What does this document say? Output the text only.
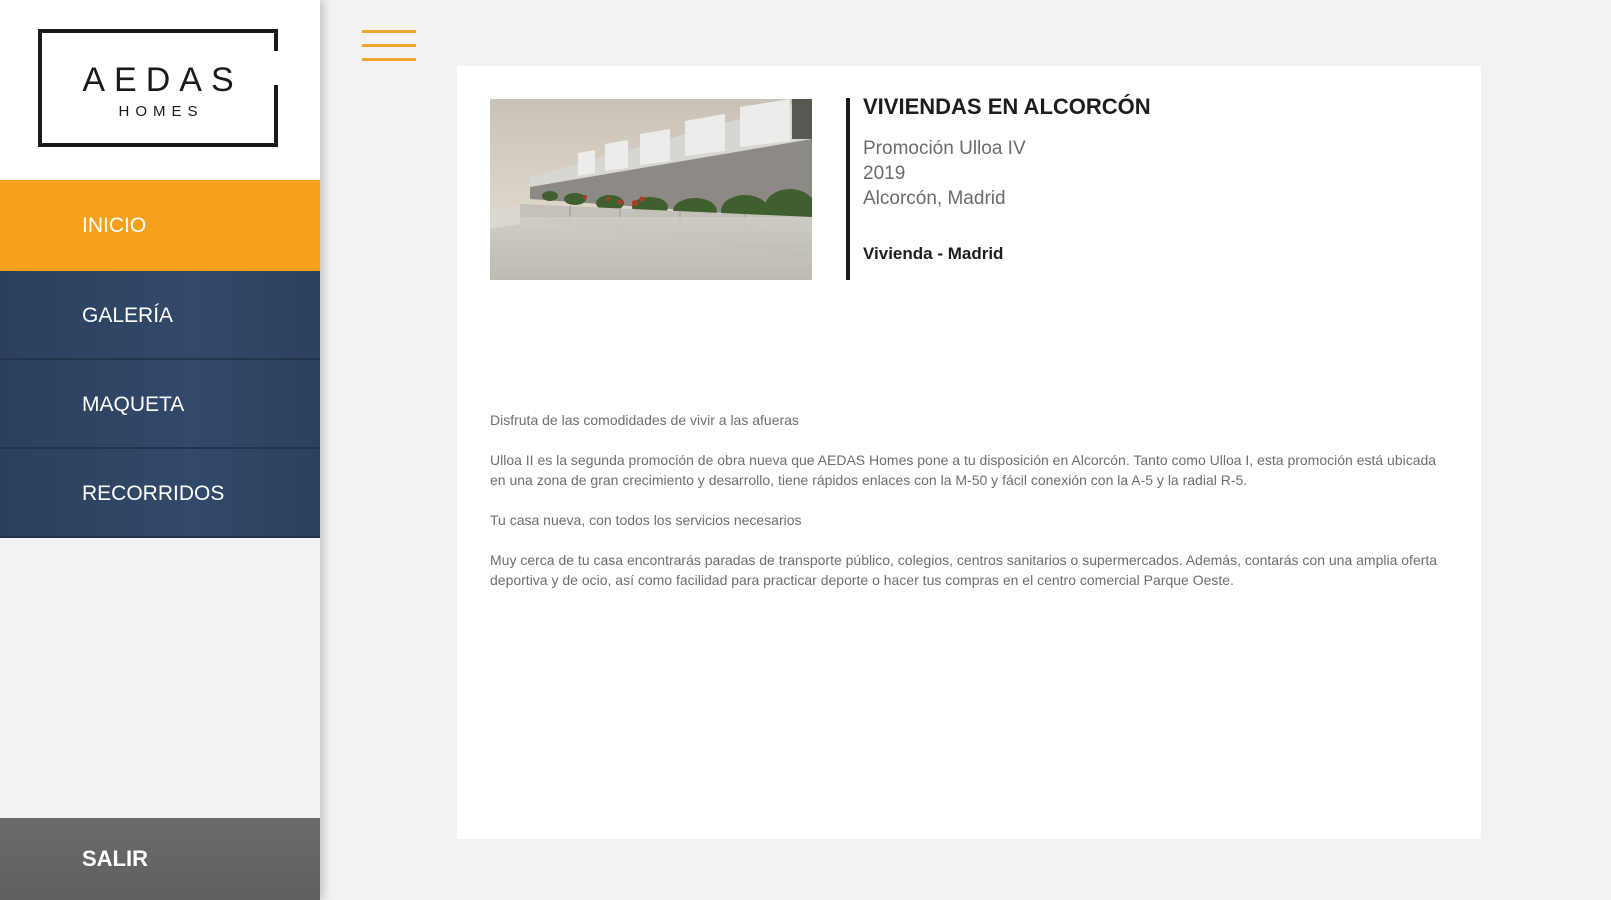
AEDAS
HOMES
INICIO
GALERÍA
MAQUETA
RECORRIDOS
SALIR
VIVIENDAS EN ALCORCÓN
Promoción Ulloa IV
2019
Alcorcón, Madrid
Vivienda - Madrid

Disfruta de las comodidades de vivir a las afueras

Ulloa II es la segunda promoción de obra nueva que AEDAS Homes pone a tu disposición en Alcorcón. Tanto como Ulloa I, esta promoción está ubicada en una zona de gran crecimiento y desarrollo, tiene rápidos enlaces con la M-50 y fácil conexión con la A-5 y la radial R-5.

Tu casa nueva, con todos los servicios necesarios

Muy cerca de tu casa encontrarás paradas de transporte público, colegios, centros sanitarios o supermercados. Además, contarás con una amplia oferta deportiva y de ocio, así como facilidad para practicar deporte o hacer tus compras en el centro comercial Parque Oeste.
